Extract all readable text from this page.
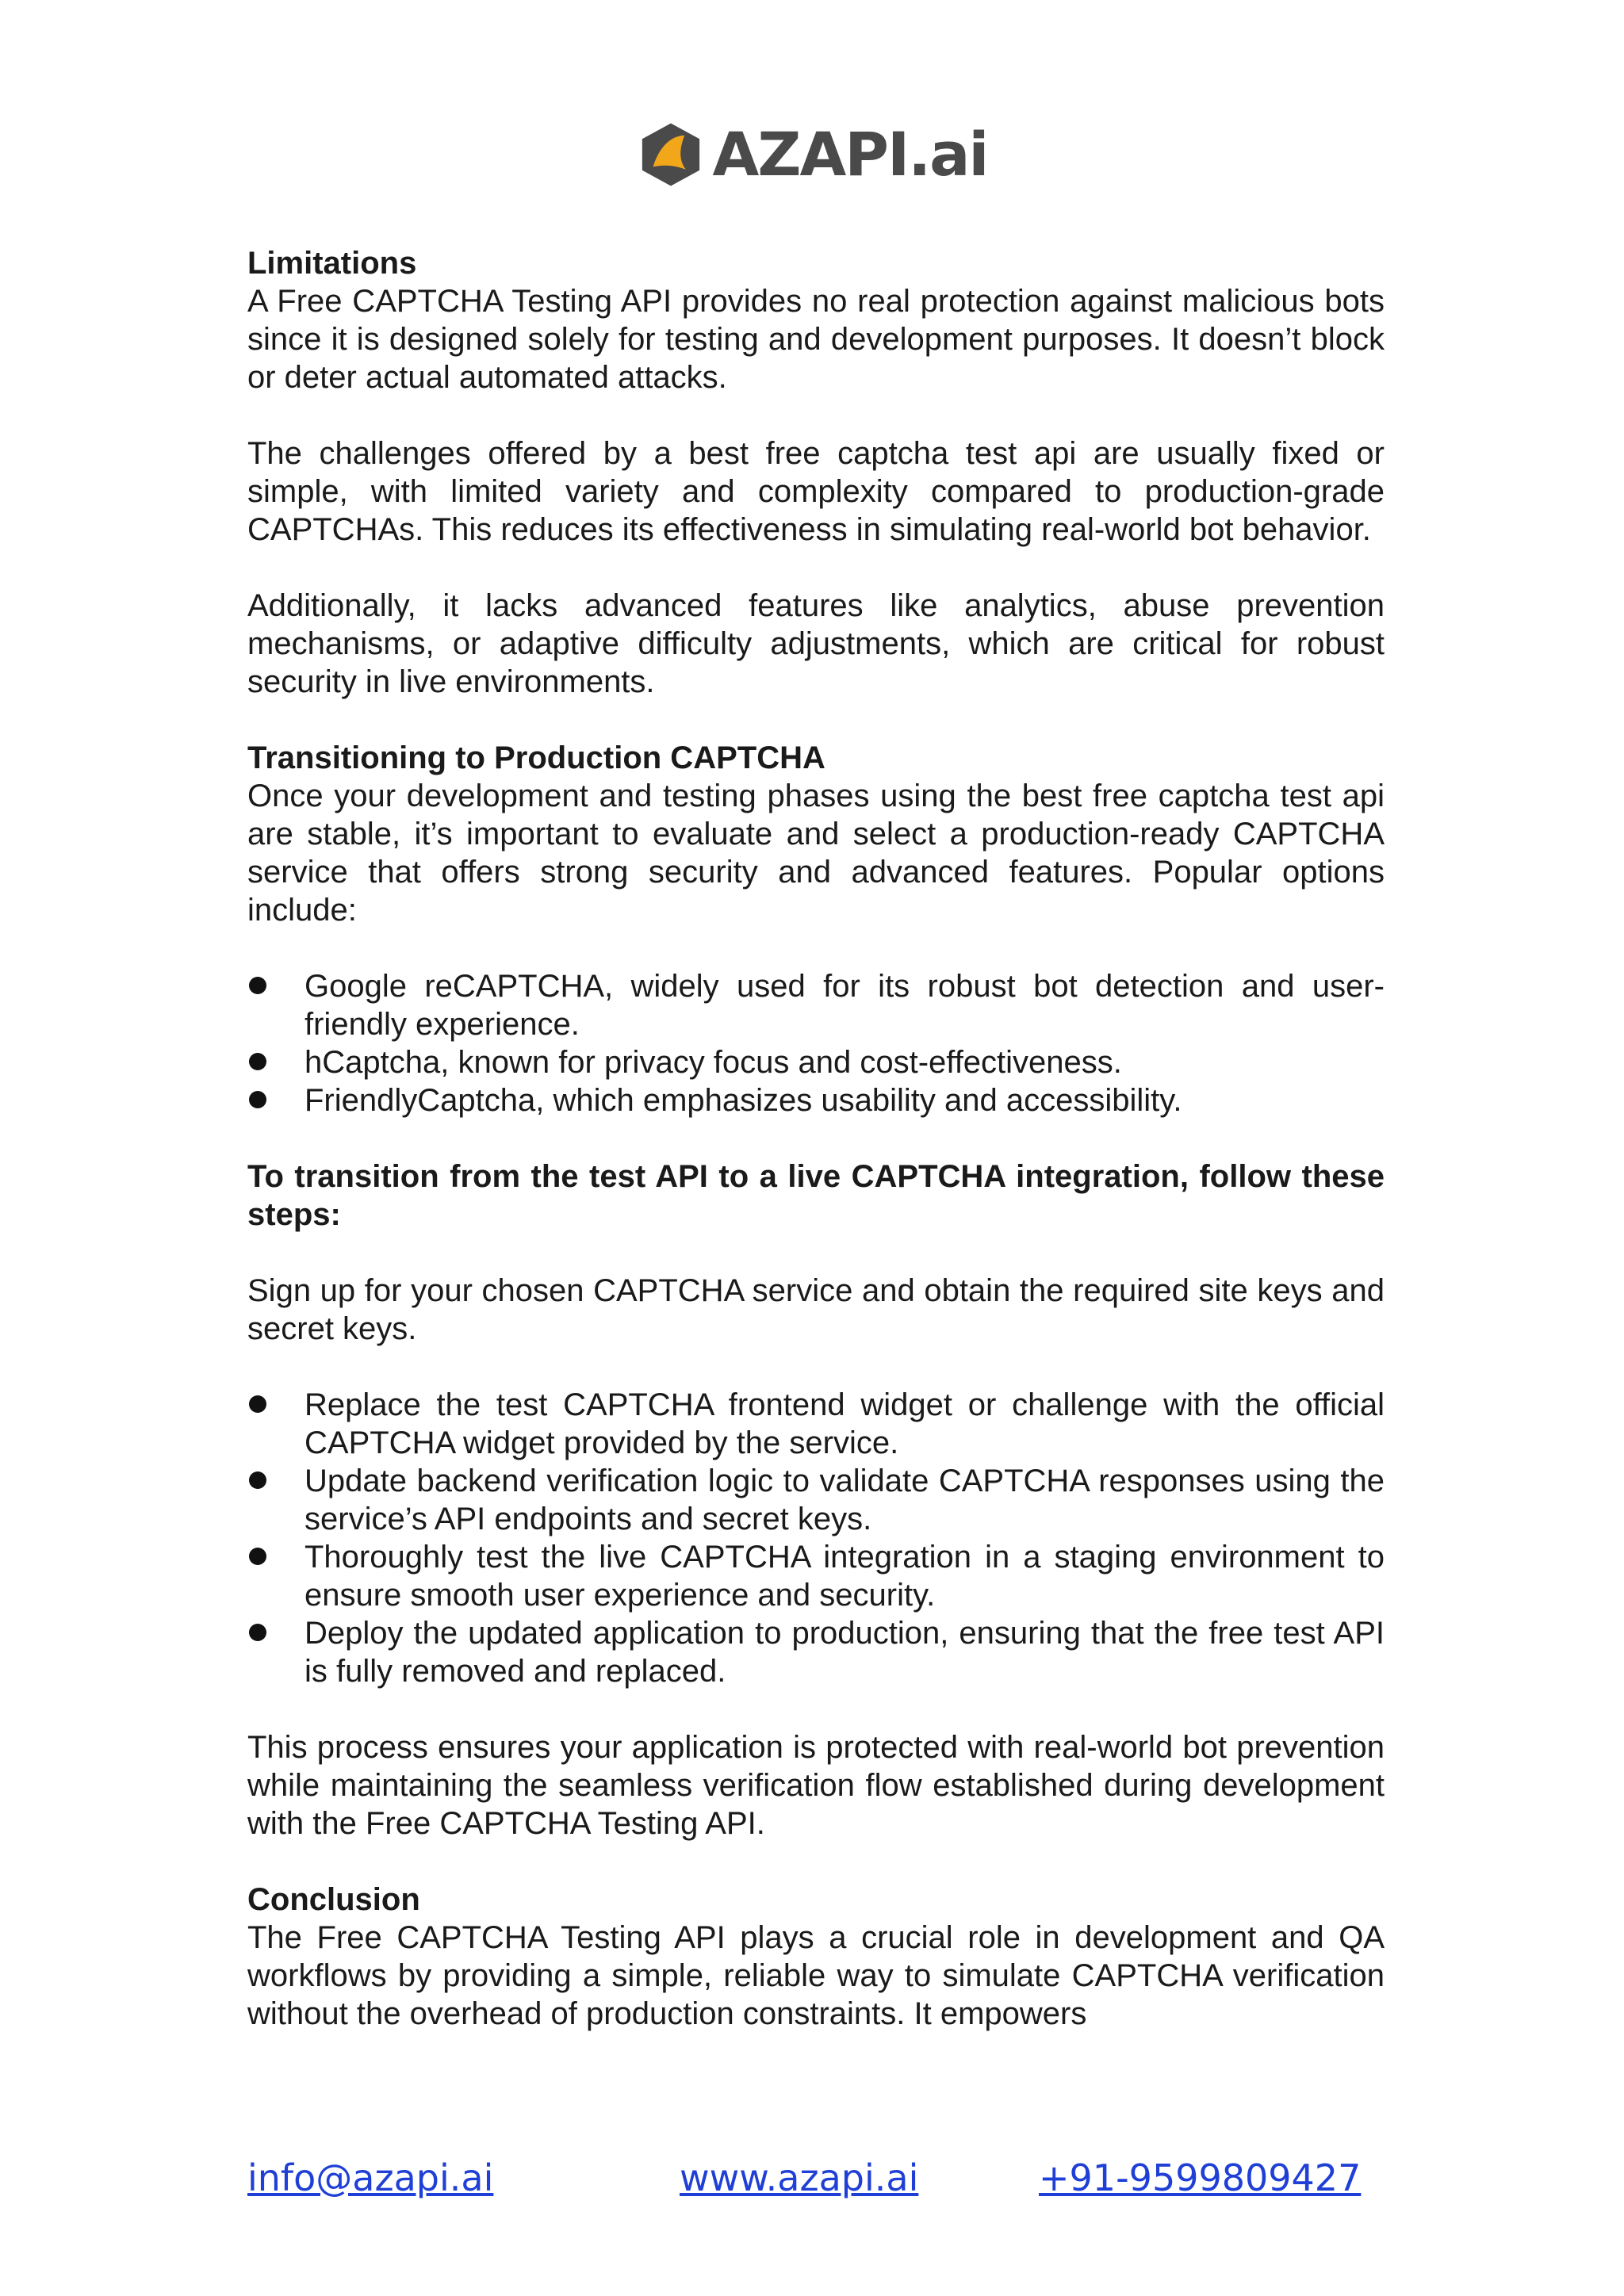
AZAPI.ai
Limitations

A Free CAPTCHA Testing API provides no real protection against malicious bots since it is designed solely for testing and development purposes. It doesn’t block or deter actual automated attacks.

The challenges offered by a best free captcha test api are usually fixed or simple, with limited variety and complexity compared to production-grade CAPTCHAs. This reduces its effectiveness in simulating real-world bot behavior.

Additionally, it lacks advanced features like analytics, abuse prevention mechanisms, or adaptive difficulty adjustments, which are critical for robust security in live environments.

Transitioning to Production CAPTCHA

Once your development and testing phases using the best free captcha test api are stable, it’s important to evaluate and select a production-ready CAPTCHA service that offers strong security and advanced features. Popular options include:

Google reCAPTCHA, widely used for its robust bot detection and user-friendly experience.
hCaptcha, known for privacy focus and cost-effectiveness.
FriendlyCaptcha, which emphasizes usability and accessibility.
To transition from the test API to a live CAPTCHA integration, follow these steps:

Sign up for your chosen CAPTCHA service and obtain the required site keys and secret keys.

Replace the test CAPTCHA frontend widget or challenge with the official CAPTCHA widget provided by the service.
Update backend verification logic to validate CAPTCHA responses using the service’s API endpoints and secret keys.
Thoroughly test the live CAPTCHA integration in a staging environment to ensure smooth user experience and security.
Deploy the updated application to production, ensuring that the free test API is fully removed and replaced.

This process ensures your application is protected with real-world bot prevention while maintaining the seamless verification flow established during development with the Free CAPTCHA Testing API.

Conclusion

The Free CAPTCHA Testing API plays a crucial role in development and QA workflows by providing a simple, reliable way to simulate CAPTCHA verification without the overhead of production constraints. It empowers

info@azapi.ai	www.azapi.ai	+91-9599809427
